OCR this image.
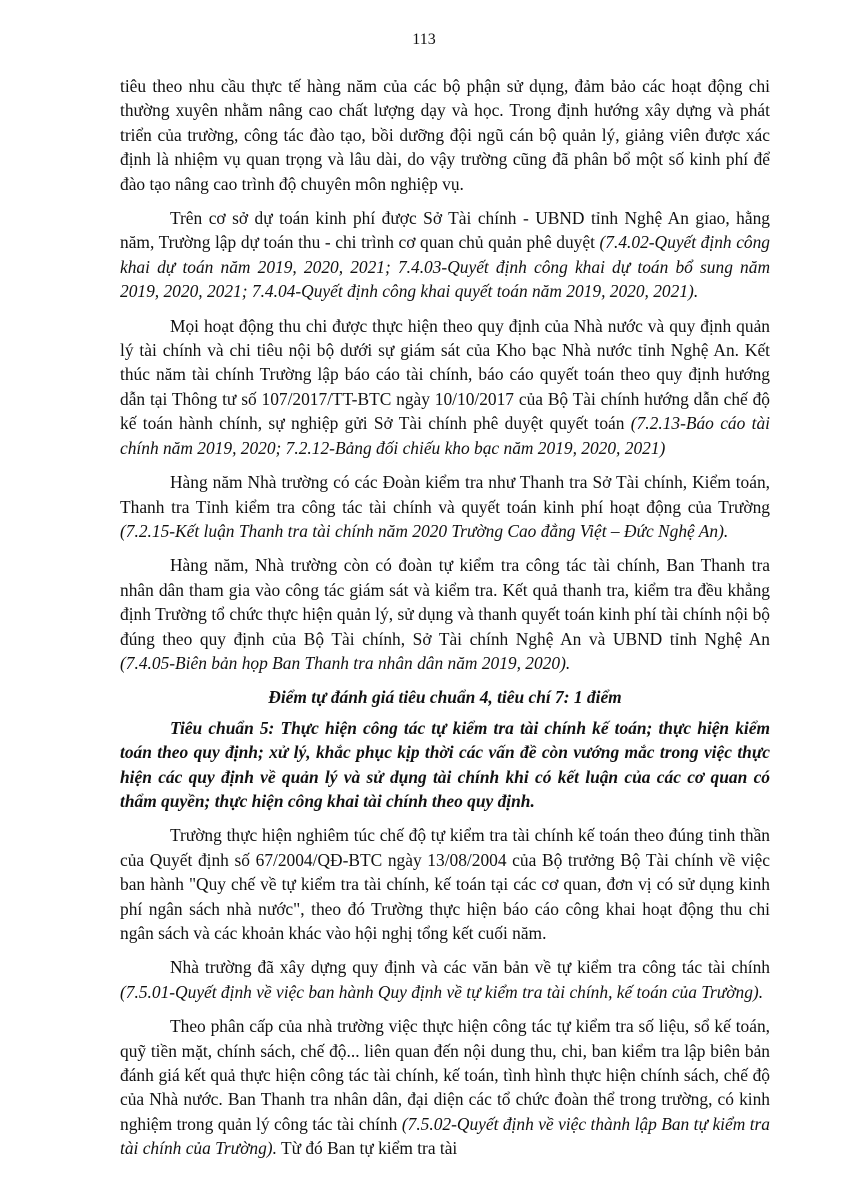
113

tiêu theo nhu cầu thực tế hàng năm của các bộ phận sử dụng, đảm bảo các hoạt động chi thường xuyên nhằm nâng cao chất lượng dạy và học. Trong định hướng xây dựng và phát triển của trường, công tác đào tạo, bồi dưỡng đội ngũ cán bộ quản lý, giảng viên được xác định là nhiệm vụ quan trọng và lâu dài, do vậy trường cũng đã phân bổ một số kinh phí để đào tạo nâng cao trình độ chuyên môn nghiệp vụ.

Trên cơ sở dự toán kinh phí được Sở Tài chính - UBND tỉnh Nghệ An giao, hằng năm, Trường lập dự toán thu - chi trình cơ quan chủ quản phê duyệt (7.4.02-Quyết định công khai dự toán năm 2019, 2020, 2021; 7.4.03-Quyết định công khai dự toán bổ sung năm 2019, 2020, 2021; 7.4.04-Quyết định công khai quyết toán năm 2019, 2020, 2021).

Mọi hoạt động thu chi được thực hiện theo quy định của Nhà nước và quy định quản lý tài chính và chi tiêu nội bộ dưới sự giám sát của Kho bạc Nhà nước tỉnh Nghệ An. Kết thúc năm tài chính Trường lập báo cáo tài chính, báo cáo quyết toán theo quy định hướng dẫn tại Thông tư số 107/2017/TT-BTC ngày 10/10/2017 của Bộ Tài chính hướng dẫn chế độ kế toán hành chính, sự nghiệp gửi Sở Tài chính phê duyệt quyết toán (7.2.13-Báo cáo tài chính năm 2019, 2020; 7.2.12-Bảng đối chiếu kho bạc năm 2019, 2020, 2021)

Hàng năm Nhà trường có các Đoàn kiểm tra như Thanh tra Sở Tài chính, Kiểm toán, Thanh tra Tỉnh kiểm tra công tác tài chính và quyết toán kinh phí hoạt động của Trường (7.2.15-Kết luận Thanh tra tài chính năm 2020 Trường Cao đẳng Việt – Đức Nghệ An).

Hàng năm, Nhà trường còn có đoàn tự kiểm tra công tác tài chính, Ban Thanh tra nhân dân tham gia vào công tác giám sát và kiểm tra. Kết quả thanh tra, kiểm tra đều khẳng định Trường tổ chức thực hiện quản lý, sử dụng và thanh quyết toán kinh phí tài chính nội bộ đúng theo quy định của Bộ Tài chính, Sở Tài chính Nghệ An và UBND tỉnh Nghệ An (7.4.05-Biên bản họp Ban Thanh tra nhân dân năm 2019, 2020).

Điểm tự đánh giá tiêu chuẩn 4, tiêu chí 7: 1 điểm

Tiêu chuẩn 5: Thực hiện công tác tự kiểm tra tài chính kế toán; thực hiện kiểm toán theo quy định; xử lý, khắc phục kịp thời các vấn đề còn vướng mắc trong việc thực hiện các quy định về quản lý và sử dụng tài chính khi có kết luận của các cơ quan có thẩm quyền; thực hiện công khai tài chính theo quy định.

Trường thực hiện nghiêm túc chế độ tự kiểm tra tài chính kế toán theo đúng tinh thần của Quyết định số 67/2004/QĐ-BTC ngày 13/08/2004 của Bộ trưởng Bộ Tài chính về việc ban hành "Quy chế về tự kiểm tra tài chính, kế toán tại các cơ quan, đơn vị có sử dụng kinh phí ngân sách nhà nước", theo đó Trường thực hiện báo cáo công khai hoạt động thu chi ngân sách và các khoản khác vào hội nghị tổng kết cuối năm.

Nhà trường đã xây dựng quy định và các văn bản về tự kiểm tra công tác tài chính (7.5.01-Quyết định về việc ban hành Quy định về tự kiểm tra tài chính, kế toán của Trường).

Theo phân cấp của nhà trường việc thực hiện công tác tự kiểm tra số liệu, sổ kế toán, quỹ tiền mặt, chính sách, chế độ... liên quan đến nội dung thu, chi, ban kiểm tra lập biên bản đánh giá kết quả thực hiện công tác tài chính, kế toán, tình hình thực hiện chính sách, chế độ của Nhà nước. Ban Thanh tra nhân dân, đại diện các tổ chức đoàn thể trong trường, có kinh nghiệm trong quản lý công tác tài chính (7.5.02-Quyết định về việc thành lập Ban tự kiểm tra tài chính của Trường). Từ đó Ban tự kiểm tra tài
